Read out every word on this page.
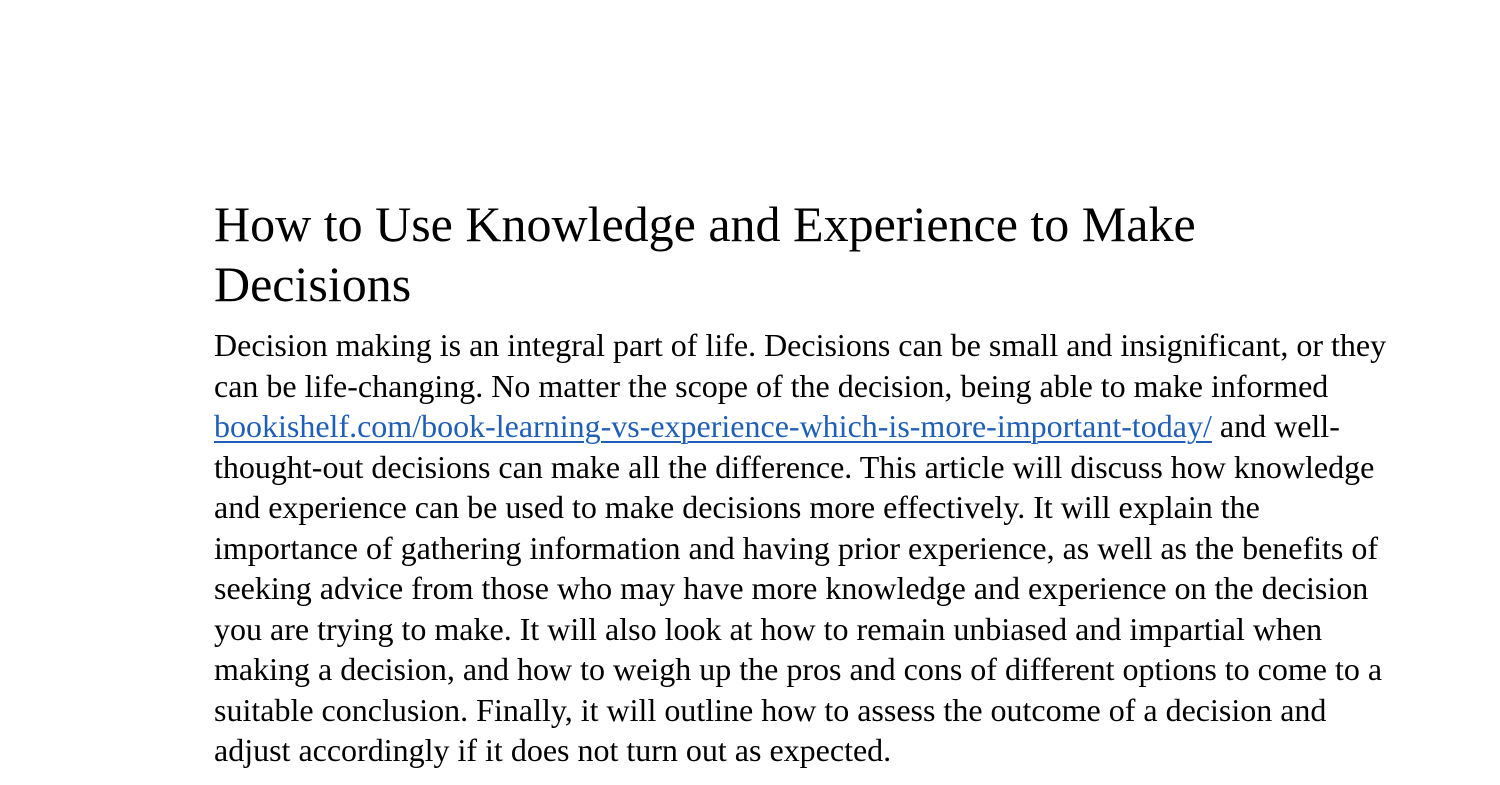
How to Use Knowledge and Experience to Make Decisions

Decision making is an integral part of life. Decisions can be small and insignificant, or they can be life-changing. No matter the scope of the decision, being able to make informed bookishelf.com/book-learning-vs-experience-which-is-more-important-today/ and well-thought-out decisions can make all the difference. This article will discuss how knowledge and experience can be used to make decisions more effectively. It will explain the importance of gathering information and having prior experience, as well as the benefits of seeking advice from those who may have more knowledge and experience on the decision you are trying to make. It will also look at how to remain unbiased and impartial when making a decision, and how to weigh up the pros and cons of different options to come to a suitable conclusion. Finally, it will outline how to assess the outcome of a decision and adjust accordingly if it does not turn out as expected.
